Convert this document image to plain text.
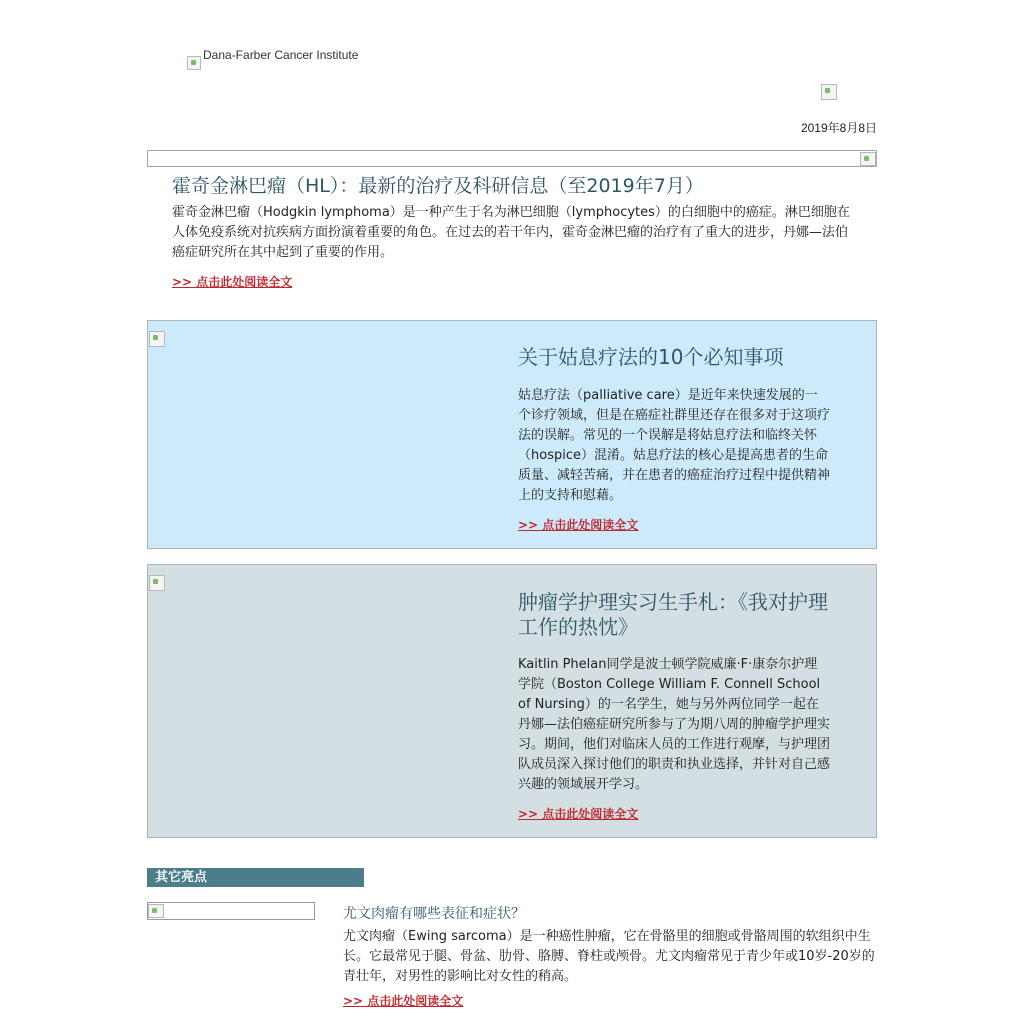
Dana-Farber Cancer Institute
2019年8月8日
霍奇金淋巴瘤（HL）：最新的治疗及科研信息（至2019年7月）
霍奇金淋巴瘤（Hodgkin lymphoma）是一种产生于名为淋巴细胞（lymphocytes）的白细胞中的癌症。淋巴细胞在人体免疫系统对抗疾病方面扮演着重要的角色。在过去的若干年内，霍奇金淋巴瘤的治疗有了重大的进步，丹娜—法伯癌症研究所在其中起到了重要的作用。
>> 点击此处阅读全文
关于姑息疗法的10个必知事项
姑息疗法（palliative care）是近年来快速发展的一个诊疗领域，但是在癌症社群里还存在很多对于这项疗法的误解。常见的一个误解是将姑息疗法和临终关怀（hospice）混淆。姑息疗法的核心是提高患者的生命质量、减轻苦痛，并在患者的癌症治疗过程中提供精神上的支持和慰藉。
>> 点击此处阅读全文
肿瘤学护理实习生手札：《我对护理工作的热忱》
Kaitlin Phelan同学是波士顿学院威廉·F·康奈尔护理学院（Boston College William F. Connell School of Nursing）的一名学生，她与另外两位同学一起在丹娜—法伯癌症研究所参与了为期八周的肿瘤学护理实习。期间，他们对临床人员的工作进行观摩，与护理团队成员深入探讨他们的职责和执业选择，并针对自己感兴趣的领域展开学习。
>> 点击此处阅读全文
其它亮点
尤文肉瘤有哪些表征和症状？
尤文肉瘤（Ewing sarcoma）是一种癌性肿瘤，它在骨骼里的细胞或骨骼周围的软组织中生长。它最常见于腿、骨盆、肋骨、胳膊、脊柱或颅骨。尤文肉瘤常见于青少年或10岁-20岁的青壮年，对男性的影响比对女性的稍高。
>> 点击此处阅读全文
